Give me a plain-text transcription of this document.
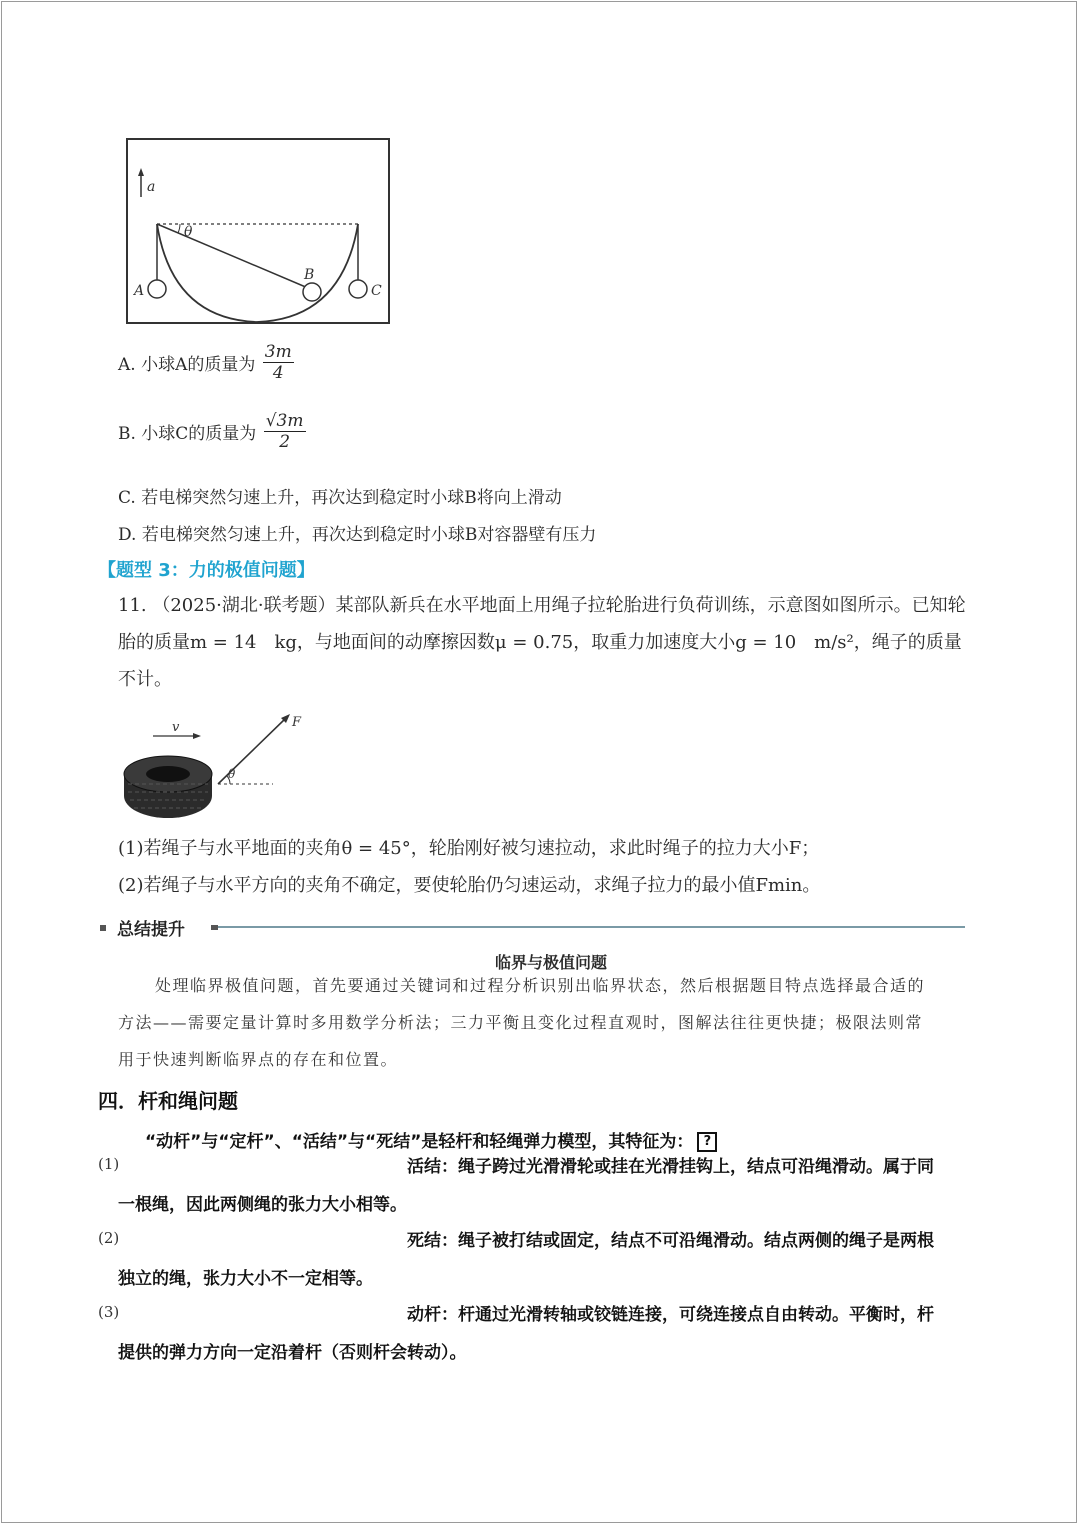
a
θ
A
B
C
A. 小球A的质量为 $\frac{3m}{4}$
B. 小球C的质量为 $\frac{√3m}{2}$
C. 若电梯突然匀速上升，再次达到稳定时小球B将向上滑动
D. 若电梯突然匀速上升，再次达到稳定时小球B对容器壁有压力
【题型 3：力的极值问题】
11. （2025·湖北·联考题）某部队新兵在水平地面上用绳子拉轮胎进行负荷训练，示意图如图所示。已知轮
胎的质量m = 14　kg，与地面间的动摩擦因数μ = 0.75，取重力加速度大小g = 10　m/s²，绳子的质量
不计。
v	F
θ
(1)若绳子与水平地面的夹角θ = 45°，轮胎刚好被匀速拉动，求此时绳子的拉力大小F；
(2)若绳子与水平方向的夹角不确定，要使轮胎仍匀速运动，求绳子拉力的最小值Fmin。
总结提升
临界与极值问题
处理临界极值问题，首先要通过关键词和过程分析识别出临界状态，然后根据题目特点选择最合适的
方法——需要定量计算时多用数学分析法；三力平衡且变化过程直观时，图解法往往更快捷；极限法则常
用于快速判断临界点的存在和位置。
四．杆和绳问题
“动杆”与“定杆”、“活结”与“死结”是轻杆和轻绳弹力模型，其特征为： ?
(1)	活结：绳子跨过光滑滑轮或挂在光滑挂钩上，结点可沿绳滑动。属于同
一根绳，因此两侧绳的张力大小相等。
(2)	死结：绳子被打结或固定，结点不可沿绳滑动。结点两侧的绳子是两根
独立的绳，张力大小不一定相等。
(3)	动杆：杆通过光滑转轴或铰链连接，可绕连接点自由转动。平衡时，杆
提供的弹力方向一定沿着杆（否则杆会转动）。
